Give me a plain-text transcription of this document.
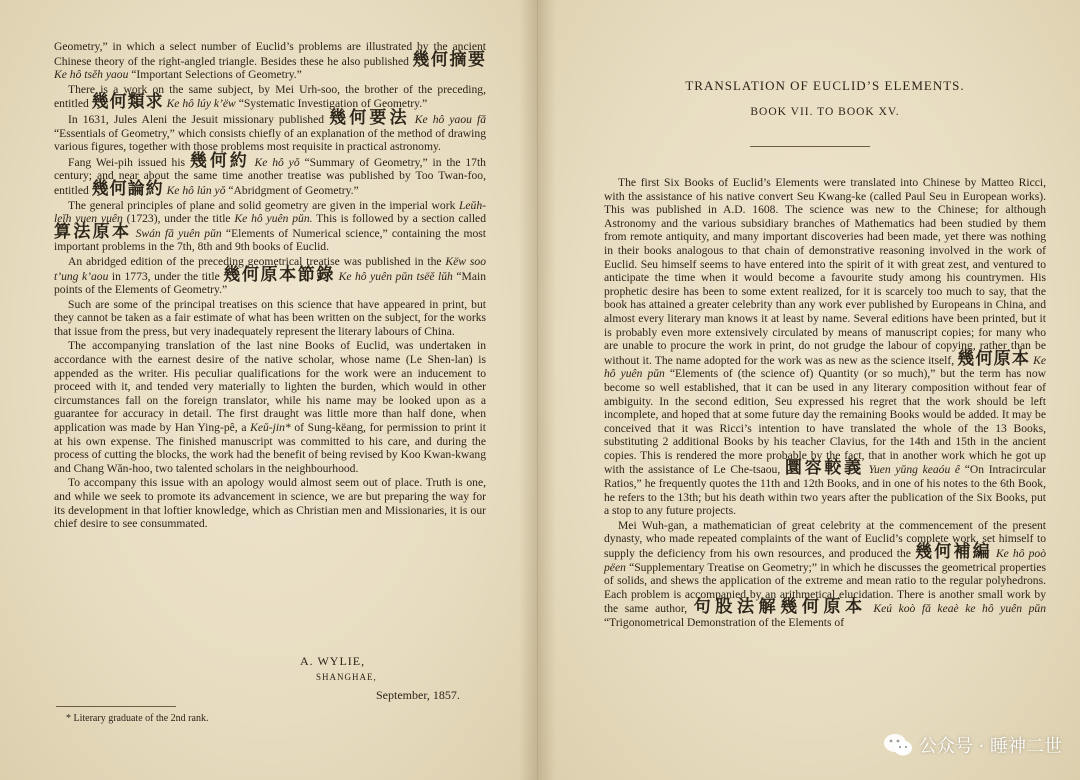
Geometry,” in which a select number of Euclid’s problems are illustrated by the ancient Chinese theory of the right-angled triangle. Besides these he also published 幾何摘要 Ke hô tsĕh yaou “Important Selections of Geometry.”

There is a work on the same subject, by Mei Urh-soo, the brother of the preceding, entitled 幾何類求 Ke hô lúy k’ëw “Systematic Investigation of Geometry.”

In 1631, Jules Aleni the Jesuit missionary published 幾何要法 Ke hô yaou fă “Essentials of Geometry,” which consists chiefly of an explanation of the method of drawing various figures, together with those problems most requisite in practical astronomy.

Fang Wei-pih issued his 幾何約 Ke hô yŏ “Summary of Geometry,” in the 17th century; and near about the same time another treatise was published by Too Twan-foo, entitled 幾何論約 Ke hô lún yŏ “Abridgment of Geometry.”

The general principles of plane and solid geometry are given in the imperial work Leŭh-leĭh yuen yuên (1723), under the title Ke hô yuên pŭn. This is followed by a section called 算法原本 Swán fă yuên pŭn “Elements of Numerical science,” containing the most important problems in the 7th, 8th and 9th books of Euclid.

An abridged edition of the preceding geometrical treatise was published in the Këw soo t’ung k’aou in 1773, under the title 幾何原本節錄 Ke hô yuên pŭn tsëĕ lŭh “Main points of the Elements of Geometry.”

Such are some of the principal treatises on this science that have appeared in print, but they cannot be taken as a fair estimate of what has been written on the subject, for the works that issue from the press, but very inadequately represent the literary labours of China.

The accompanying translation of the last nine Books of Euclid, was undertaken in accordance with the earnest desire of the native scholar, whose name (Le Shen-lan) is appended as the writer. His peculiar qualifications for the work were an inducement to proceed with it, and tended very materially to lighten the burden, which would in other circumstances fall on the foreign translator, while his name may be looked upon as a guarantee for accuracy in detail. The first draught was little more than half done, when application was made by Han Ying-pê, a Keŭ-jin* of Sung-këang, for permission to print it at his own expense. The finished manuscript was committed to his care, and during the process of cutting the blocks, the work had the benefit of being revised by Koo Kwan-kwang and Chang Wăn-hoo, two talented scholars in the neighbourhood.

To accompany this issue with an apology would almost seem out of place. Truth is one, and while we seek to promote its advancement in science, we are but preparing the way for its development in that loftier knowledge, which as Christian men and Missionaries, it is our chief desire to see consummated.

A. WYLIE,
SHANGHAE,
September, 1857.
* Literary graduate of the 2nd rank.
TRANSLATION OF EUCLID’S ELEMENTS.
BOOK VII. TO BOOK XV.

The first Six Books of Euclid’s Elements were translated into Chinese by Matteo Ricci, with the assistance of his native convert Seu Kwang-ke (called Paul Seu in European works). This was published in A.D. 1608. The science was new to the Chinese; for although Astronomy and the various subsidiary branches of Mathematics had been studied by them from remote antiquity, and many important discoveries had been made, yet there was nothing in their books analogous to that chain of demonstrative reasoning involved in the work of Euclid. Seu himself seems to have entered into the spirit of it with great zest, and ventured to anticipate the time when it would become a favourite study among his countrymen. His prophetic desire has been to some extent realized, for it is scarcely too much to say, that the book has attained a greater celebrity than any work ever published by Europeans in China, and almost every literary man knows it at least by name. Several editions have been printed, but it is probably even more extensively circulated by means of manuscript copies; for many who are unable to procure the work in print, do not grudge the labour of copying, rather than be without it. The name adopted for the work was as new as the science itself, 幾何原本 Ke hô yuên pŭn “Elements of (the science of) Quantity (or so much),” but the term has now become so well established, that it can be used in any literary composition without fear of ambiguity. In the second edition, Seu expressed his regret that the work should be left incomplete, and hoped that at some future day the remaining Books would be added. It may be conceived that it was Ricci’s intention to have translated the whole of the 13 Books, substituting 2 additional Books by his teacher Clavius, for the 14th and 15th in the ancient copies. This is rendered the more probable by the fact, that in another work which he got up with the assistance of Le Che-tsaou, 圜容較義 Yuen yŭng keaóu ê “On Intracircular Ratios,” he frequently quotes the 11th and 12th Books, and in one of his notes to the 6th Book, he refers to the 13th; but his death within two years after the publication of the Six Books, put a stop to any future projects.

Mei Wuh-gan, a mathematician of great celebrity at the commencement of the present dynasty, who made repeated complaints of the want of Euclid’s complete work, set himself to supply the deficiency from his own resources, and produced the 幾何補編 Ke hô poò pëen “Supplementary Treatise on Geometry;” in which he discusses the geometrical properties of solids, and shews the application of the extreme and mean ratio to the regular polyhedrons. Each problem is accompanied by an arithmetical elucidation. There is another small work by the same author, 句股法解幾何原本 Keú koò fă keaè ke hô yuên pŭn “Trigonometrical Demonstration of the Elements of

公众号 · 睡神二世
